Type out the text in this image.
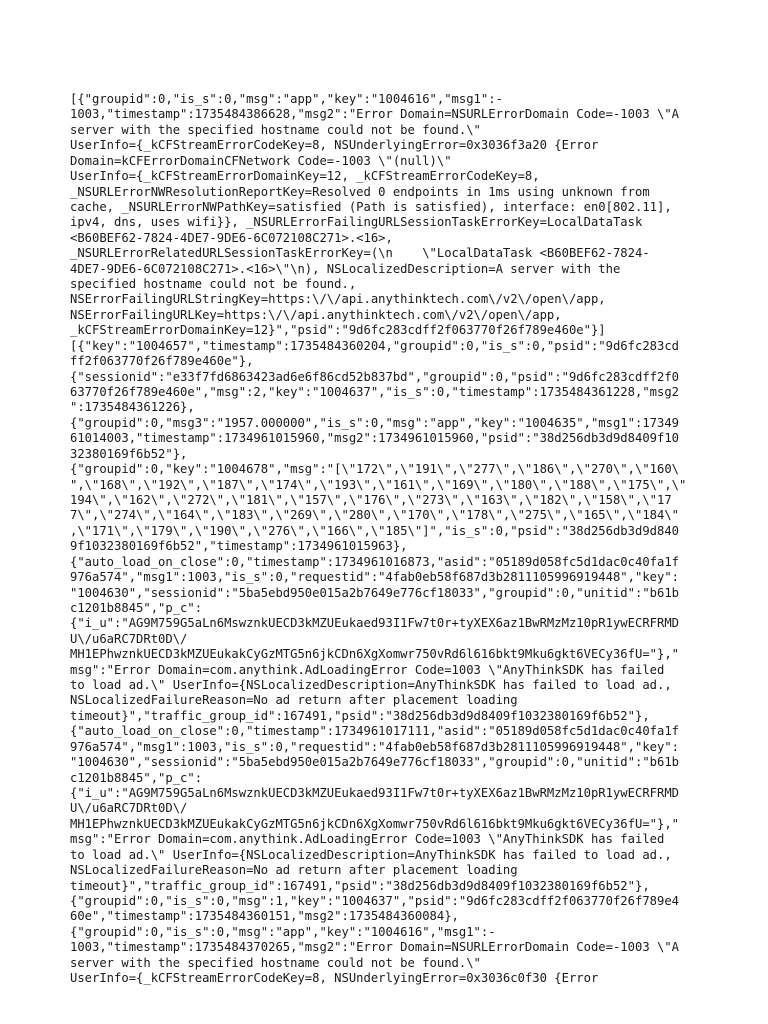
[{"groupid":0,"is_s":0,"msg":"app","key":"1004616","msg1":-
1003,"timestamp":1735484386628,"msg2":"Error Domain=NSURLErrorDomain Code=-1003 \"A
server with the specified hostname could not be found.\"
UserInfo={_kCFStreamErrorCodeKey=8, NSUnderlyingError=0x3036f3a20 {Error
Domain=kCFErrorDomainCFNetwork Code=-1003 \"(null)\"
UserInfo={_kCFStreamErrorDomainKey=12, _kCFStreamErrorCodeKey=8,
_NSURLErrorNWResolutionReportKey=Resolved 0 endpoints in 1ms using unknown from
cache, _NSURLErrorNWPathKey=satisfied (Path is satisfied), interface: en0[802.11],
ipv4, dns, uses wifi}}, _NSURLErrorFailingURLSessionTaskErrorKey=LocalDataTask
<B60BEF62-7824-4DE7-9DE6-6C072108C271>.<16>,
_NSURLErrorRelatedURLSessionTaskErrorKey=(\n    \"LocalDataTask <B60BEF62-7824-
4DE7-9DE6-6C072108C271>.<16>\"\n), NSLocalizedDescription=A server with the
specified hostname could not be found.,
NSErrorFailingURLStringKey=https:\/\/api.anythinktech.com\/v2\/open\/app,
NSErrorFailingURLKey=https:\/\/api.anythinktech.com\/v2\/open\/app,
_kCFStreamErrorDomainKey=12}","psid":"9d6fc283cdff2f063770f26f789e460e"}]
[{"key":"1004657","timestamp":1735484360204,"groupid":0,"is_s":0,"psid":"9d6fc283cd
ff2f063770f26f789e460e"},
{"sessionid":"e33f7fd6863423ad6e6f86cd52b837bd","groupid":0,"psid":"9d6fc283cdff2f0
63770f26f789e460e","msg":2,"key":"1004637","is_s":0,"timestamp":1735484361228,"msg2
":1735484361226},
{"groupid":0,"msg3":"1957.000000","is_s":0,"msg":"app","key":"1004635","msg1":17349
61014003,"timestamp":1734961015960,"msg2":1734961015960,"psid":"38d256db3d9d8409f10
32380169f6b52"},
{"groupid":0,"key":"1004678","msg":"[\"172\",\"191\",\"277\",\"186\",\"270\",\"160\
",\"168\",\"192\",\"187\",\"174\",\"193\",\"161\",\"169\",\"180\",\"188\",\"175\",\"
194\",\"162\",\"272\",\"181\",\"157\",\"176\",\"273\",\"163\",\"182\",\"158\",\"17
7\",\"274\",\"164\",\"183\",\"269\",\"280\",\"170\",\"178\",\"275\",\"165\",\"184\"
,\"171\",\"179\",\"190\",\"276\",\"166\",\"185\"]","is_s":0,"psid":"38d256db3d9d840
9f1032380169f6b52","timestamp":1734961015963},
{"auto_load_on_close":0,"timestamp":1734961016873,"asid":"05189d058fc5d1dac0c40fa1f
976a574","msg1":1003,"is_s":0,"requestid":"4fab0eb58f687d3b2811105996919448","key":
"1004630","sessionid":"5ba5ebd950e015a2b7649e776cf18033","groupid":0,"unitid":"b61b
c1201b8845","p_c":
{"i_u":"AG9M759G5aLn6MswznkUECD3kMZUEukaed93I1Fw7t0r+tyXEX6az1BwRMzMz10pR1ywECRFRMD
U\/u6aRC7DRt0D\/
MH1EPhwznkUECD3kMZUEukakCyGzMTG5n6jkCDn6XgXomwr750vRd6l616bkt9Mku6gkt6VECy36fU="},"
msg":"Error Domain=com.anythink.AdLoadingError Code=1003 \"AnyThinkSDK has failed
to load ad.\" UserInfo={NSLocalizedDescription=AnyThinkSDK has failed to load ad.,
NSLocalizedFailureReason=No ad return after placement loading
timeout}","traffic_group_id":167491,"psid":"38d256db3d9d8409f1032380169f6b52"},
{"auto_load_on_close":0,"timestamp":1734961017111,"asid":"05189d058fc5d1dac0c40fa1f
976a574","msg1":1003,"is_s":0,"requestid":"4fab0eb58f687d3b2811105996919448","key":
"1004630","sessionid":"5ba5ebd950e015a2b7649e776cf18033","groupid":0,"unitid":"b61b
c1201b8845","p_c":
{"i_u":"AG9M759G5aLn6MswznkUECD3kMZUEukaed93I1Fw7t0r+tyXEX6az1BwRMzMz10pR1ywECRFRMD
U\/u6aRC7DRt0D\/
MH1EPhwznkUECD3kMZUEukakCyGzMTG5n6jkCDn6XgXomwr750vRd6l616bkt9Mku6gkt6VECy36fU="},"
msg":"Error Domain=com.anythink.AdLoadingError Code=1003 \"AnyThinkSDK has failed
to load ad.\" UserInfo={NSLocalizedDescription=AnyThinkSDK has failed to load ad.,
NSLocalizedFailureReason=No ad return after placement loading
timeout}","traffic_group_id":167491,"psid":"38d256db3d9d8409f1032380169f6b52"},
{"groupid":0,"is_s":0,"msg":1,"key":"1004637","psid":"9d6fc283cdff2f063770f26f789e4
60e","timestamp":1735484360151,"msg2":1735484360084},
{"groupid":0,"is_s":0,"msg":"app","key":"1004616","msg1":-
1003,"timestamp":1735484370265,"msg2":"Error Domain=NSURLErrorDomain Code=-1003 \"A
server with the specified hostname could not be found.\"
UserInfo={_kCFStreamErrorCodeKey=8, NSUnderlyingError=0x3036c0f30 {Error
